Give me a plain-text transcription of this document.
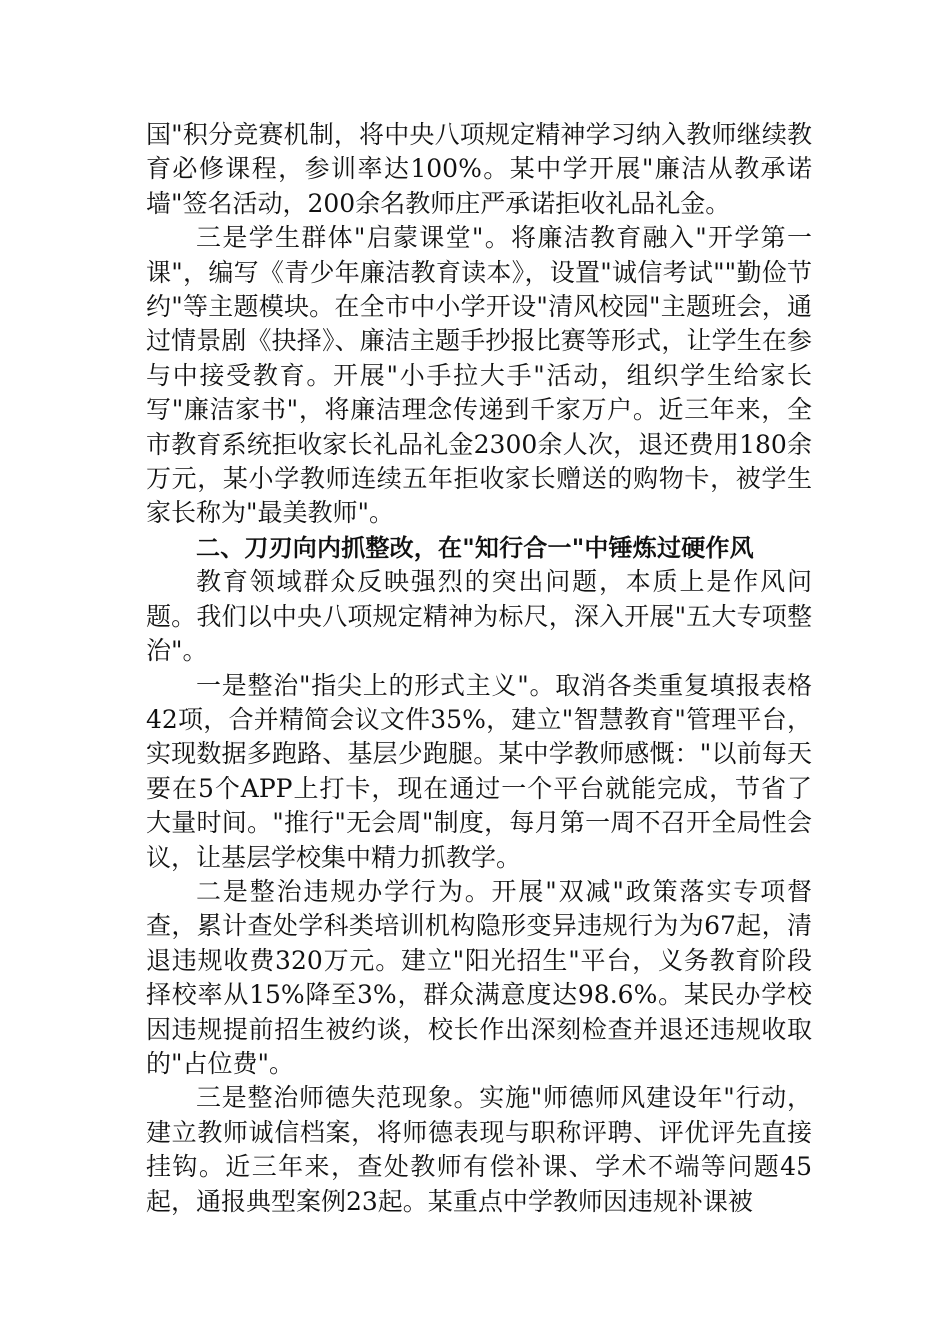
国"积分竞赛机制，将中央八项规定精神学习纳入教师继续教育必修课程，参训率达100%。某中学开展"廉洁从教承诺墙"签名活动，200余名教师庄严承诺拒收礼品礼金。

三是学生群体"启蒙课堂"。将廉洁教育融入"开学第一课"，编写《青少年廉洁教育读本》，设置"诚信考试""勤俭节约"等主题模块。在全市中小学开设"清风校园"主题班会，通过情景剧《抉择》、廉洁主题手抄报比赛等形式，让学生在参与中接受教育。开展"小手拉大手"活动，组织学生给家长写"廉洁家书"，将廉洁理念传递到千家万户。近三年来，全市教育系统拒收家长礼品礼金2300余人次，退还费用180余万元，某小学教师连续五年拒收家长赠送的购物卡，被学生家长称为"最美教师"。

二、刀刃向内抓整改，在"知行合一"中锤炼过硬作风

教育领域群众反映强烈的突出问题，本质上是作风问题。我们以中央八项规定精神为标尺，深入开展"五大专项整治"。

一是整治"指尖上的形式主义"。取消各类重复填报表格42项，合并精简会议文件35%，建立"智慧教育"管理平台，实现数据多跑路、基层少跑腿。某中学教师感慨："以前每天要在5个APP上打卡，现在通过一个平台就能完成，节省了大量时间。"推行"无会周"制度，每月第一周不召开全局性会议，让基层学校集中精力抓教学。

二是整治违规办学行为。开展"双减"政策落实专项督查，累计查处学科类培训机构隐形变异违规行为为67起，清退违规收费320万元。建立"阳光招生"平台，义务教育阶段择校率从15%降至3%，群众满意度达98.6%。某民办学校因违规提前招生被约谈，校长作出深刻检查并退还违规收取的"占位费"。

三是整治师德失范现象。实施"师德师风建设年"行动，建立教师诚信档案，将师德表现与职称评聘、评优评先直接挂钩。近三年来，查处教师有偿补课、学术不端等问题45起，通报典型案例23起。某重点中学教师因违规补课被
